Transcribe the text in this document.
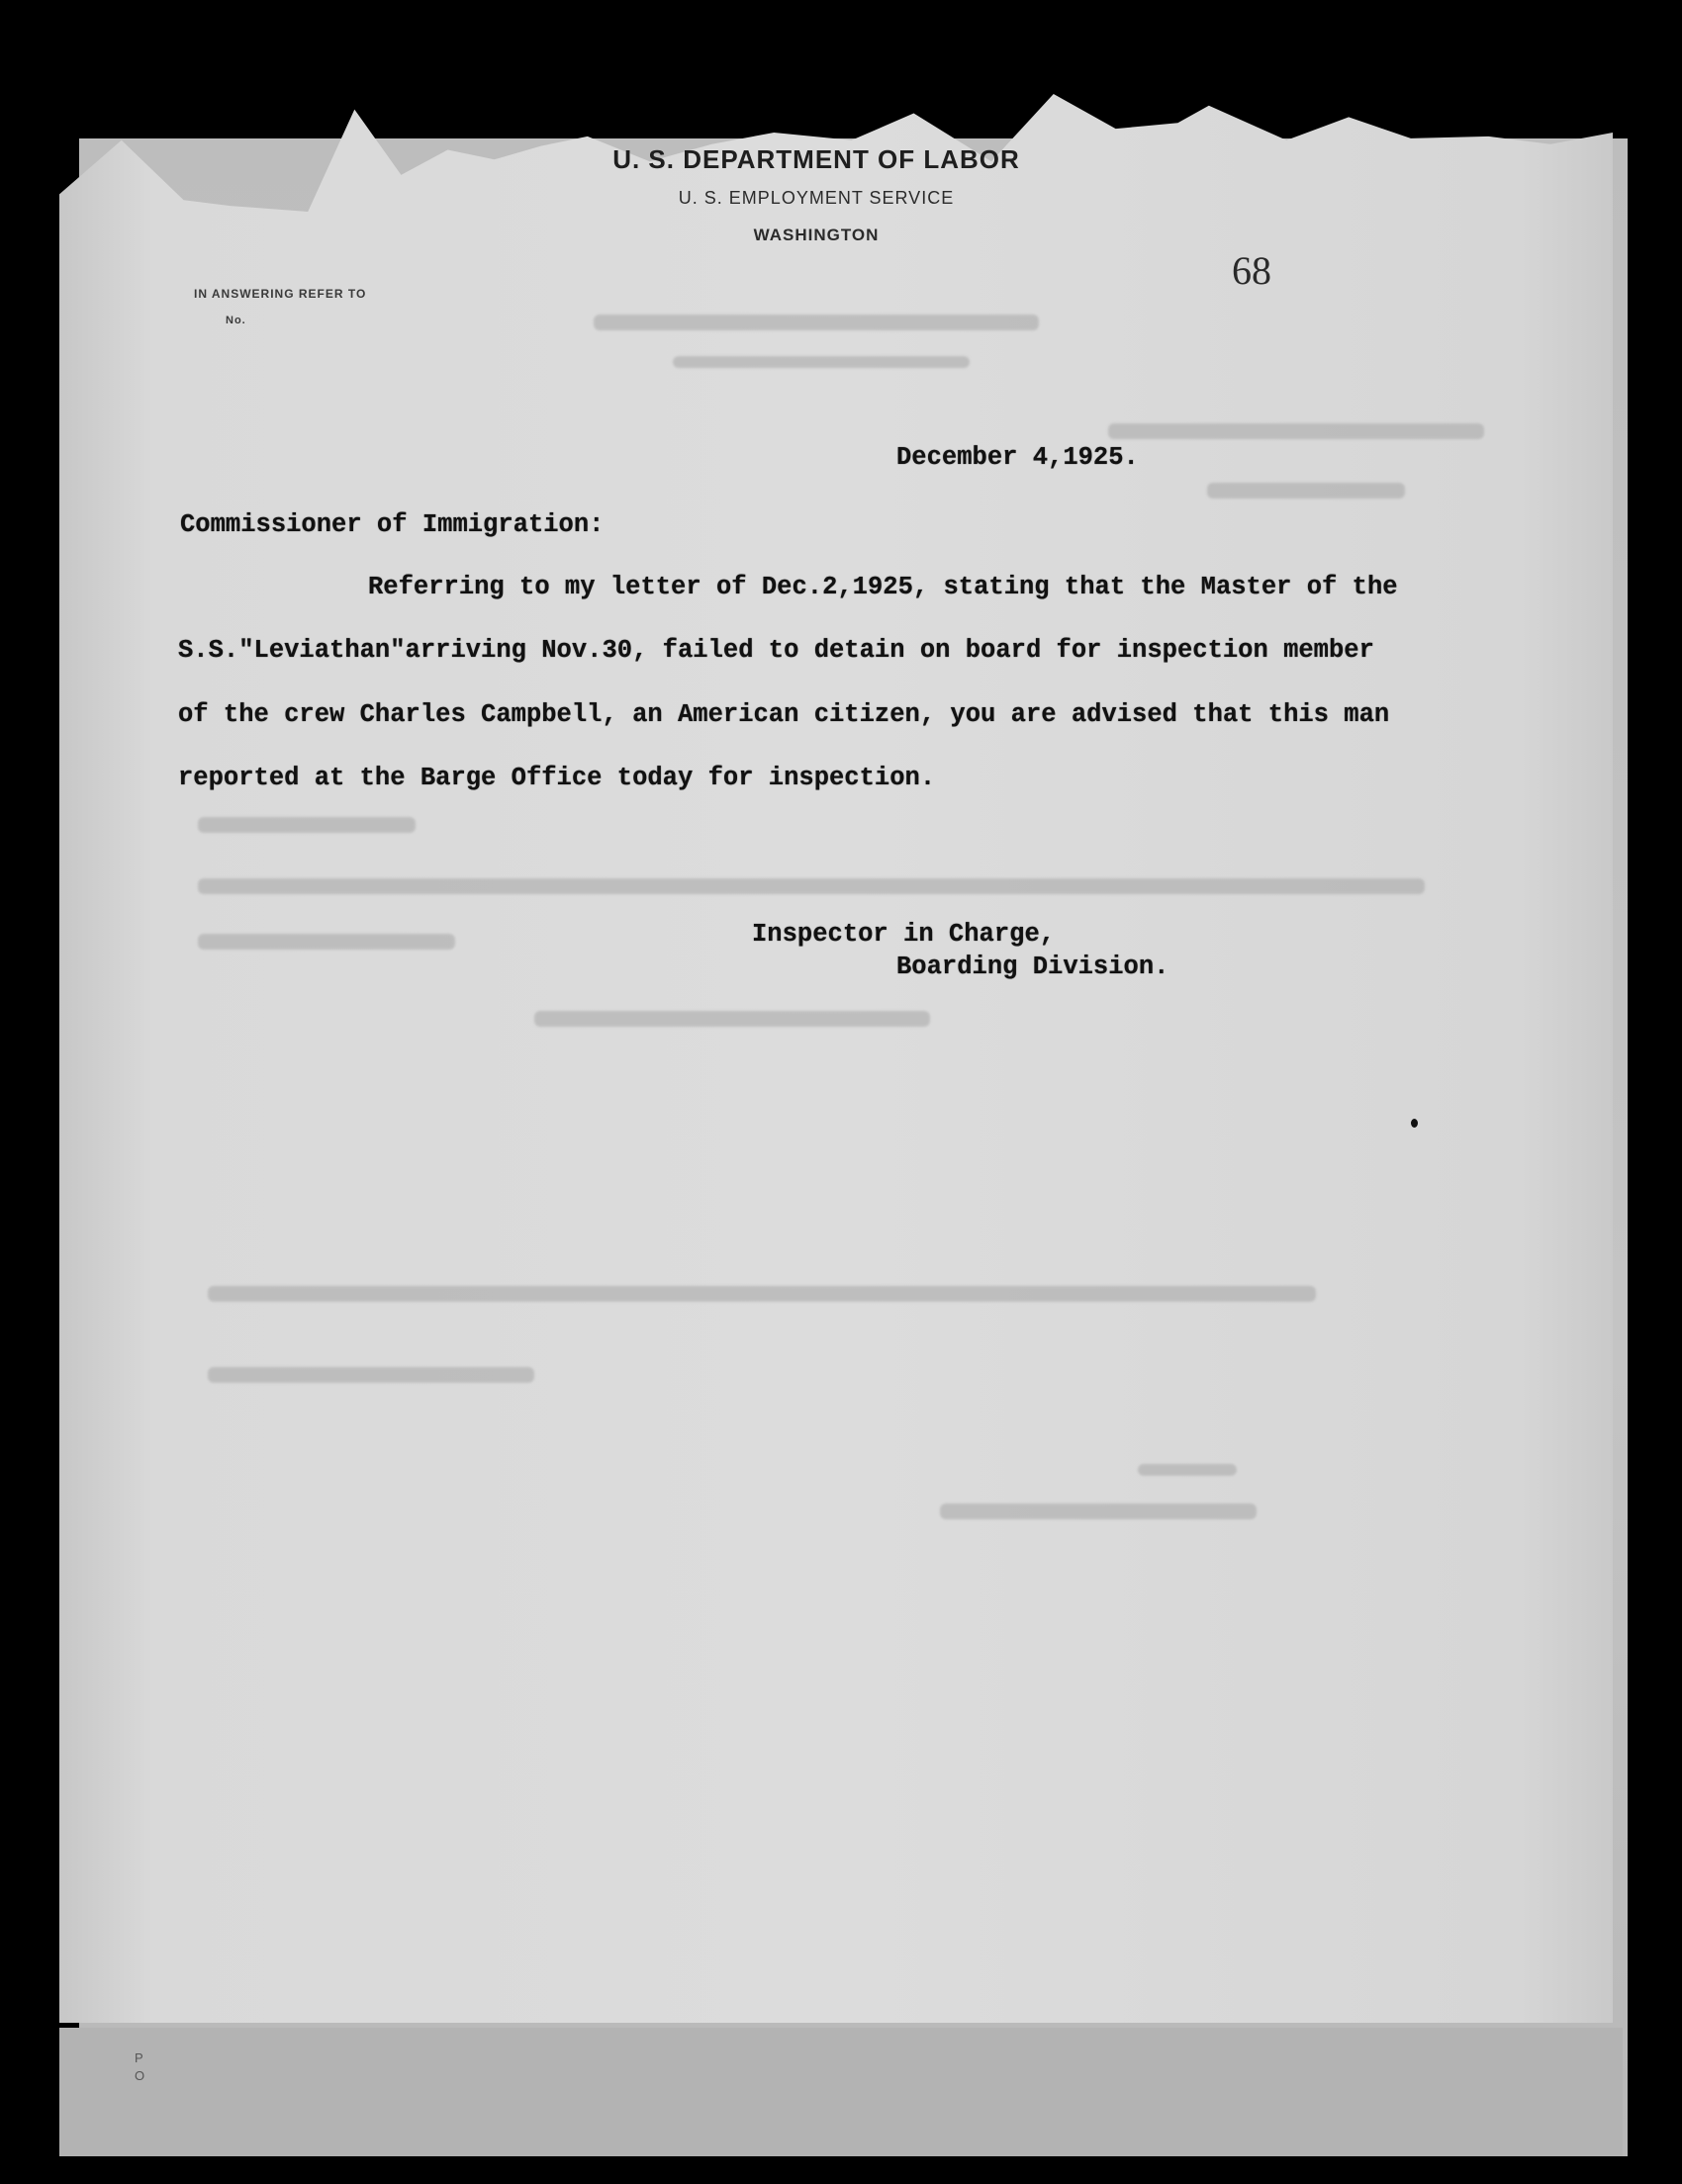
U. S. DEPARTMENT OF LABOR
U. S. EMPLOYMENT SERVICE
WASHINGTON
IN ANSWERING REFER TO
No.
68
December 4,1925.
Commissioner of Immigration:
Referring to my letter of Dec.2,1925, stating that the Master of the
S.S."Leviathan"arriving Nov.30, failed to detain on board for inspection member
of the crew Charles Campbell, an American citizen, you are advised that this man
reported at the Barge Office today for inspection.
Inspector in Charge,
Boarding Division.
P
O
